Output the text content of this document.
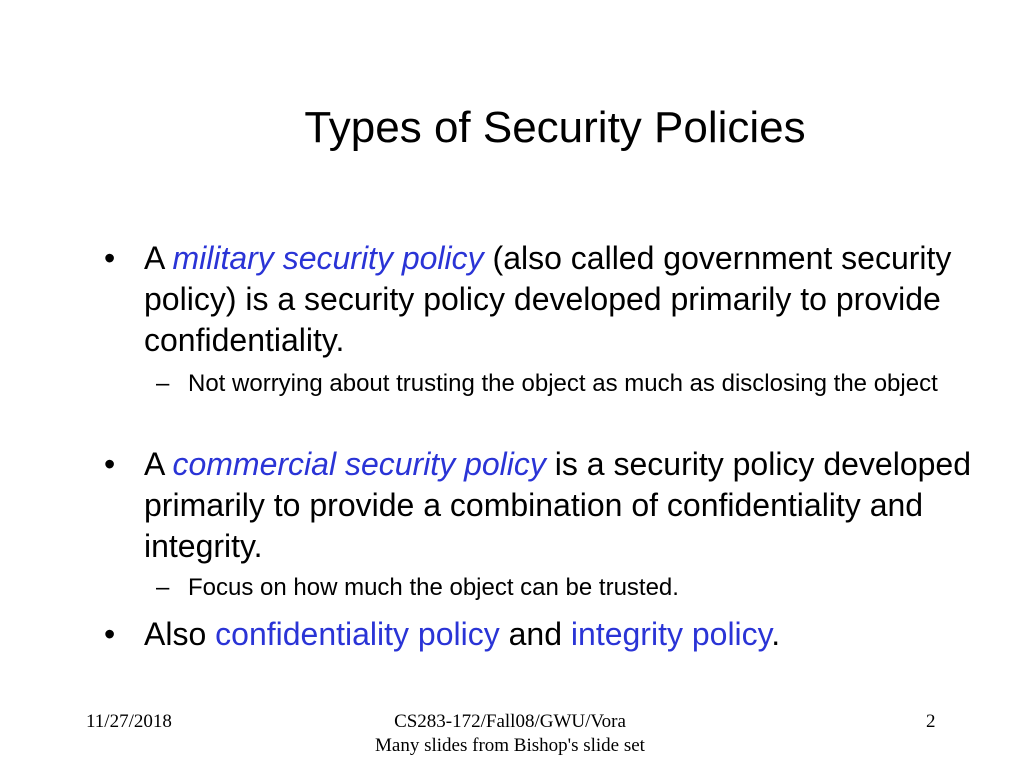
Types of Security Policies
• A military security policy (also called government security policy) is a security policy developed primarily to provide confidentiality.
– Not worrying about trusting the object as much as disclosing the object
• A commercial security policy is a security policy developed primarily to provide a combination of confidentiality and integrity.
– Focus on how much the object can be trusted.
• Also confidentiality policy and integrity policy.
11/27/2018	CS283-172/Fall08/GWU/Vora
Many slides from Bishop's slide set
2
